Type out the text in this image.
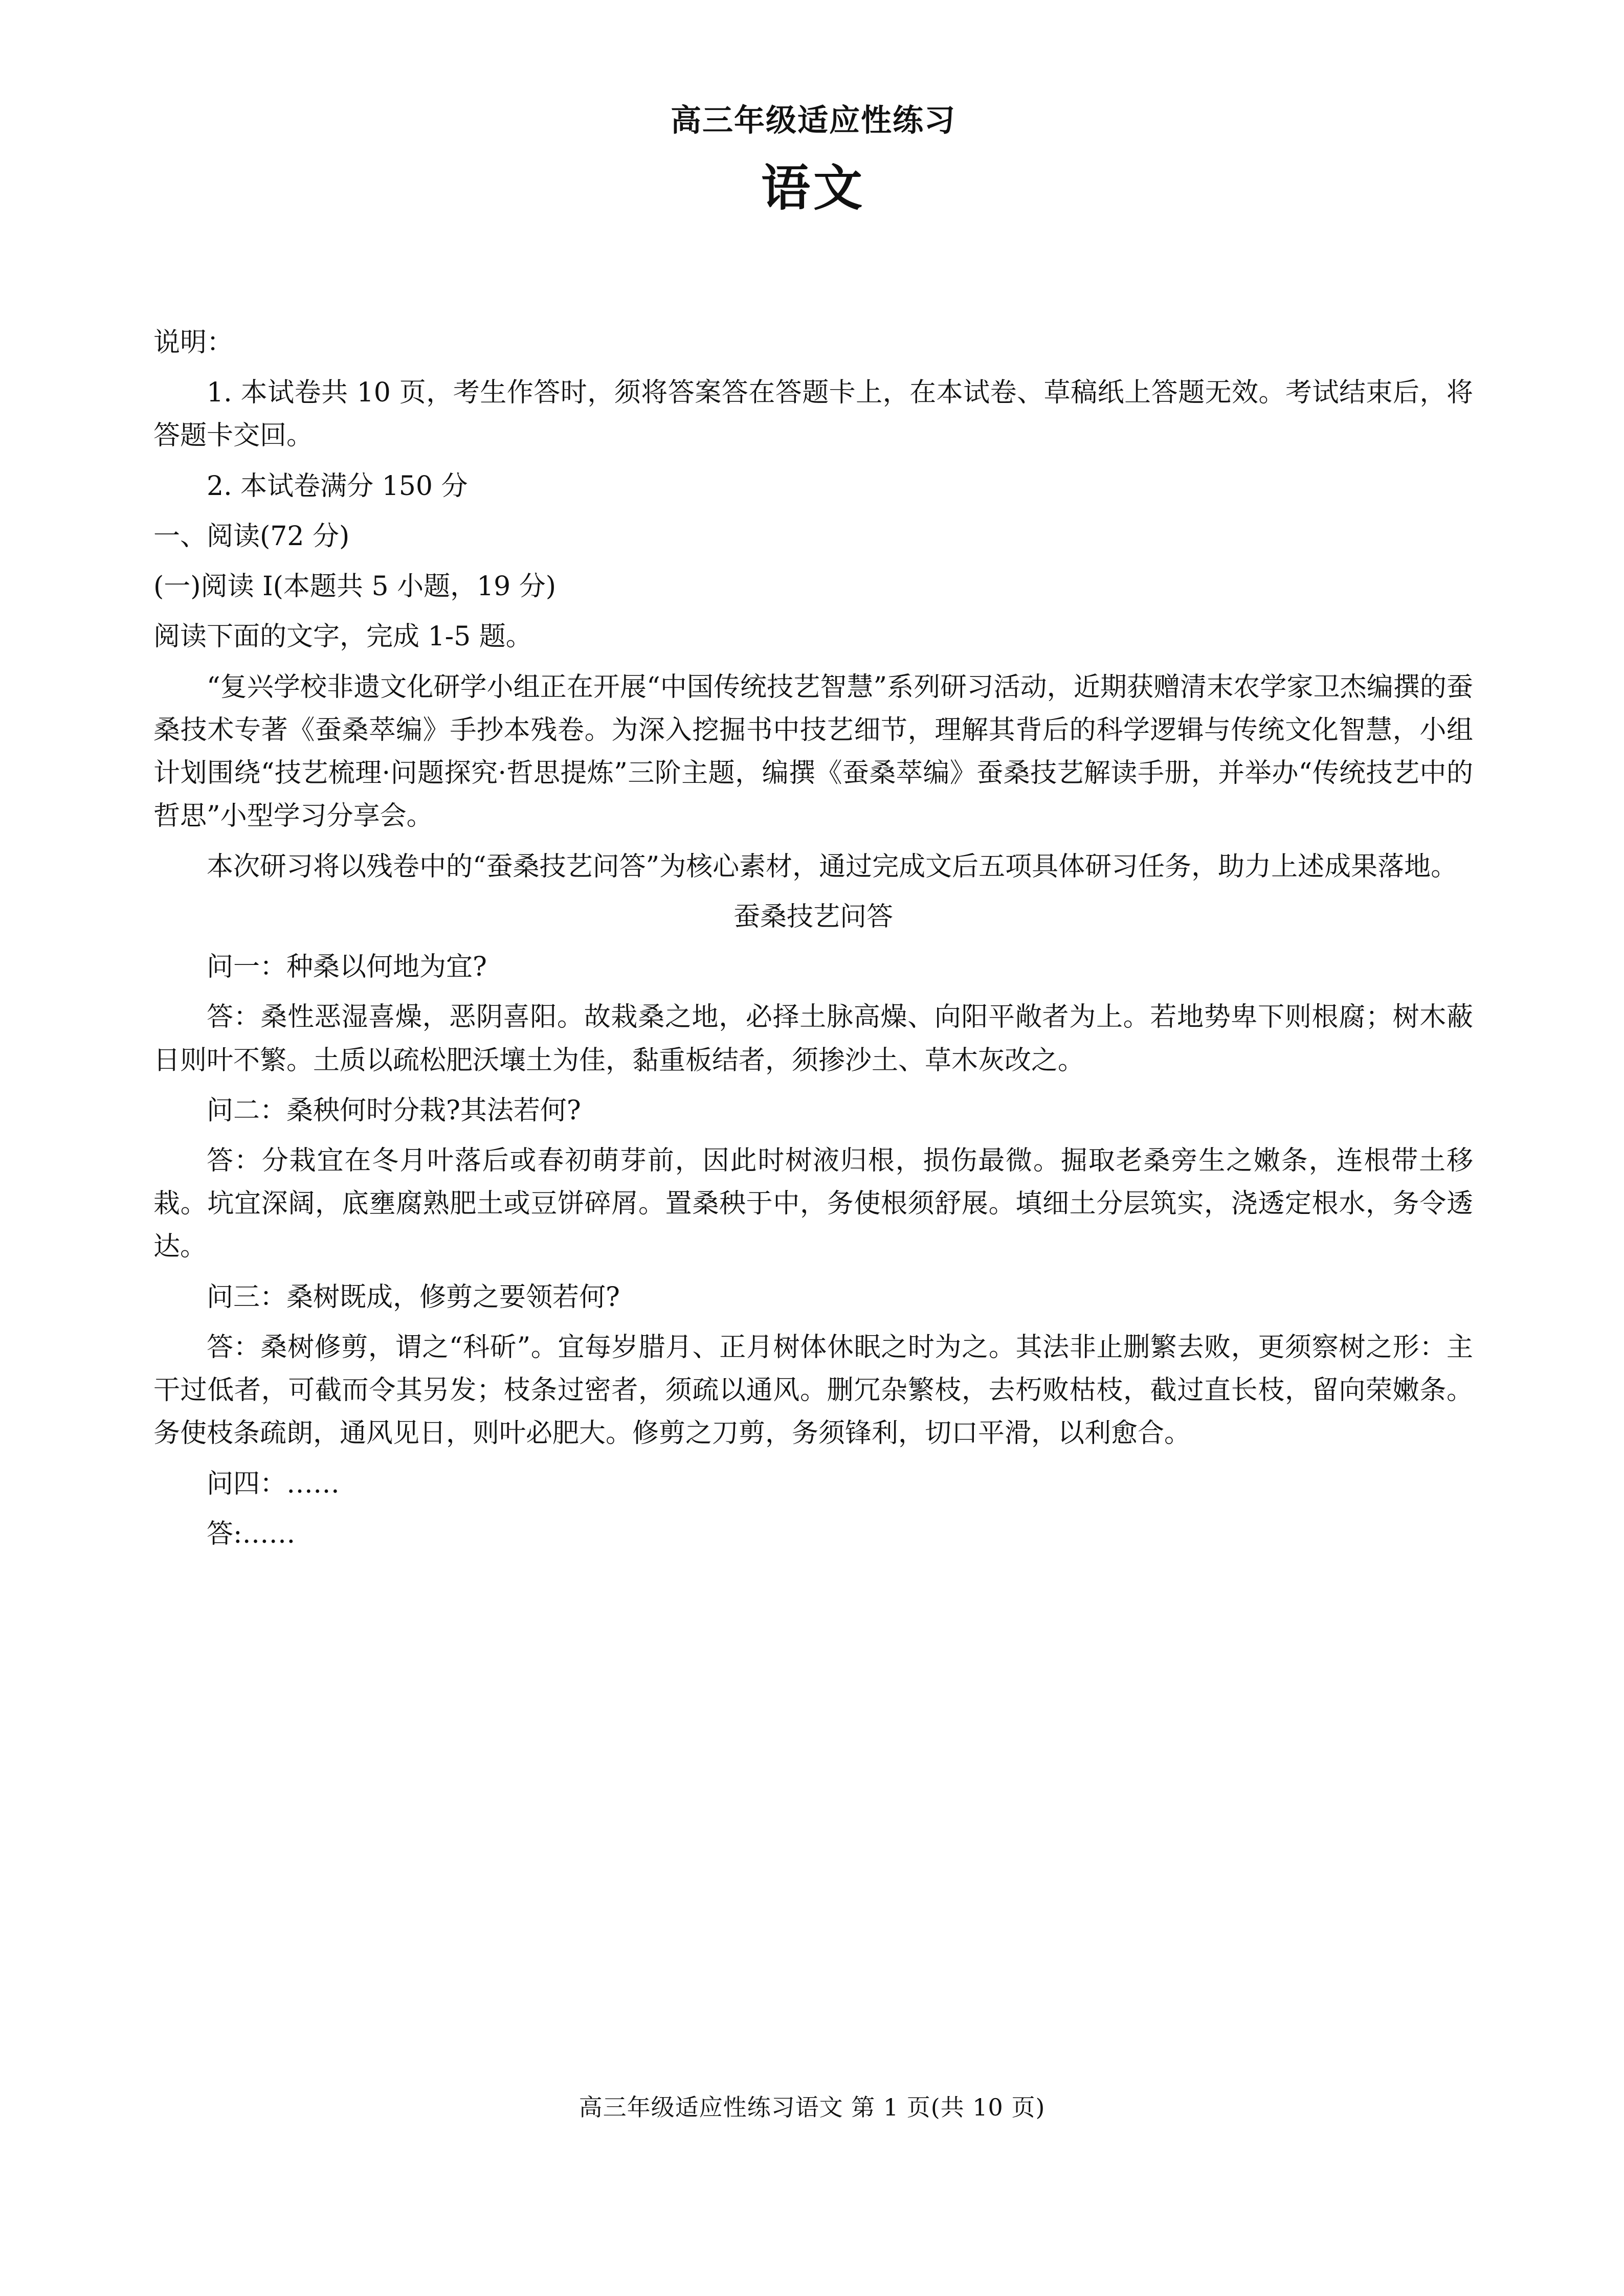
高三年级适应性练习
语文

说明：

1. 本试卷共 10 页，考生作答时，须将答案答在答题卡上，在本试卷、草稿纸上答题无效。考试结束后，将答题卡交回。

2. 本试卷满分 150 分

一、阅读(72 分)

(一)阅读 I(本题共 5 小题，19 分)

阅读下面的文字，完成 1-5 题。

“复兴学校非遗文化研学小组正在开展“中国传统技艺智慧”系列研习活动，近期获赠清末农学家卫杰编撰的蚕桑技术专著《蚕桑萃编》手抄本残卷。为深入挖掘书中技艺细节，理解其背后的科学逻辑与传统文化智慧，小组计划围绕“技艺梳理·问题探究·哲思提炼”三阶主题，编撰《蚕桑萃编》蚕桑技艺解读手册，并举办“传统技艺中的哲思”小型学习分享会。

本次研习将以残卷中的“蚕桑技艺问答”为核心素材，通过完成文后五项具体研习任务，助力上述成果落地。

蚕桑技艺问答

问一：种桑以何地为宜?

答：桑性恶湿喜燥，恶阴喜阳。故栽桑之地，必择土脉高燥、向阳平敞者为上。若地势卑下则根腐；树木蔽日则叶不繁。土质以疏松肥沃壤土为佳，黏重板结者，须掺沙土、草木灰改之。

问二：桑秧何时分栽?其法若何?

答：分栽宜在冬月叶落后或春初萌芽前，因此时树液归根，损伤最微。掘取老桑旁生之嫩条，连根带土移栽。坑宜深阔，底壅腐熟肥土或豆饼碎屑。置桑秧于中，务使根须舒展。填细土分层筑实，浇透定根水，务令透达。

问三：桑树既成，修剪之要领若何?

答：桑树修剪，谓之“科斫”。宜每岁腊月、正月树体休眠之时为之。其法非止删繁去败，更须察树之形：主干过低者，可截而令其另发；枝条过密者，须疏以通风。删冗杂繁枝，去朽败枯枝，截过直长枝，留向荣嫩条。务使枝条疏朗，通风见日，则叶必肥大。修剪之刀剪，务须锋利，切口平滑，以利愈合。

问四：……

答:……

高三年级适应性练习语文 第 1 页(共 10 页)
